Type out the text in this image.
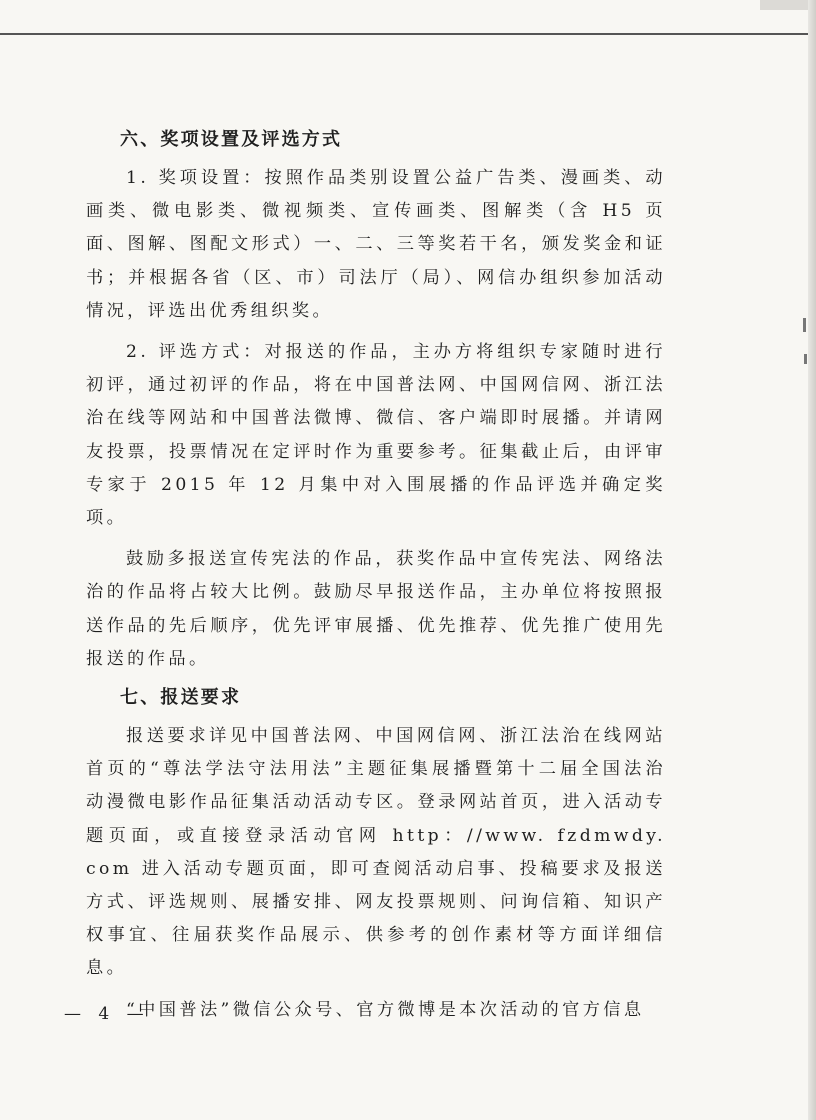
六、奖项设置及评选方式

1. 奖项设置：按照作品类别设置公益广告类、漫画类、动画类、微电影类、微视频类、宣传画类、图解类（含 H5 页面、图解、图配文形式）一、二、三等奖若干名，颁发奖金和证书；并根据各省（区、市）司法厅（局）、网信办组织参加活动情况，评选出优秀组织奖。

2. 评选方式：对报送的作品，主办方将组织专家随时进行初评，通过初评的作品，将在中国普法网、中国网信网、浙江法治在线等网站和中国普法微博、微信、客户端即时展播。并请网友投票，投票情况在定评时作为重要参考。征集截止后，由评审专家于 2015 年 12 月集中对入围展播的作品评选并确定奖项。

鼓励多报送宣传宪法的作品，获奖作品中宣传宪法、网络法治的作品将占较大比例。鼓励尽早报送作品，主办单位将按照报送作品的先后顺序，优先评审展播、优先推荐、优先推广使用先报送的作品。

七、报送要求

报送要求详见中国普法网、中国网信网、浙江法治在线网站首页的“尊法学法守法用法”主题征集展播暨第十二届全国法治动漫微电影作品征集活动活动专区。登录网站首页，进入活动专题页面，或直接登录活动官网 http：//www. fzdmwdy. com 进入活动专题页面，即可查阅活动启事、投稿要求及报送方式、评选规则、展播安排、网友投票规则、问询信箱、知识产权事宜、往届获奖作品展示、供参考的创作素材等方面详细信息。

“中国普法”微信公众号、官方微博是本次活动的官方信息

— 4 —
